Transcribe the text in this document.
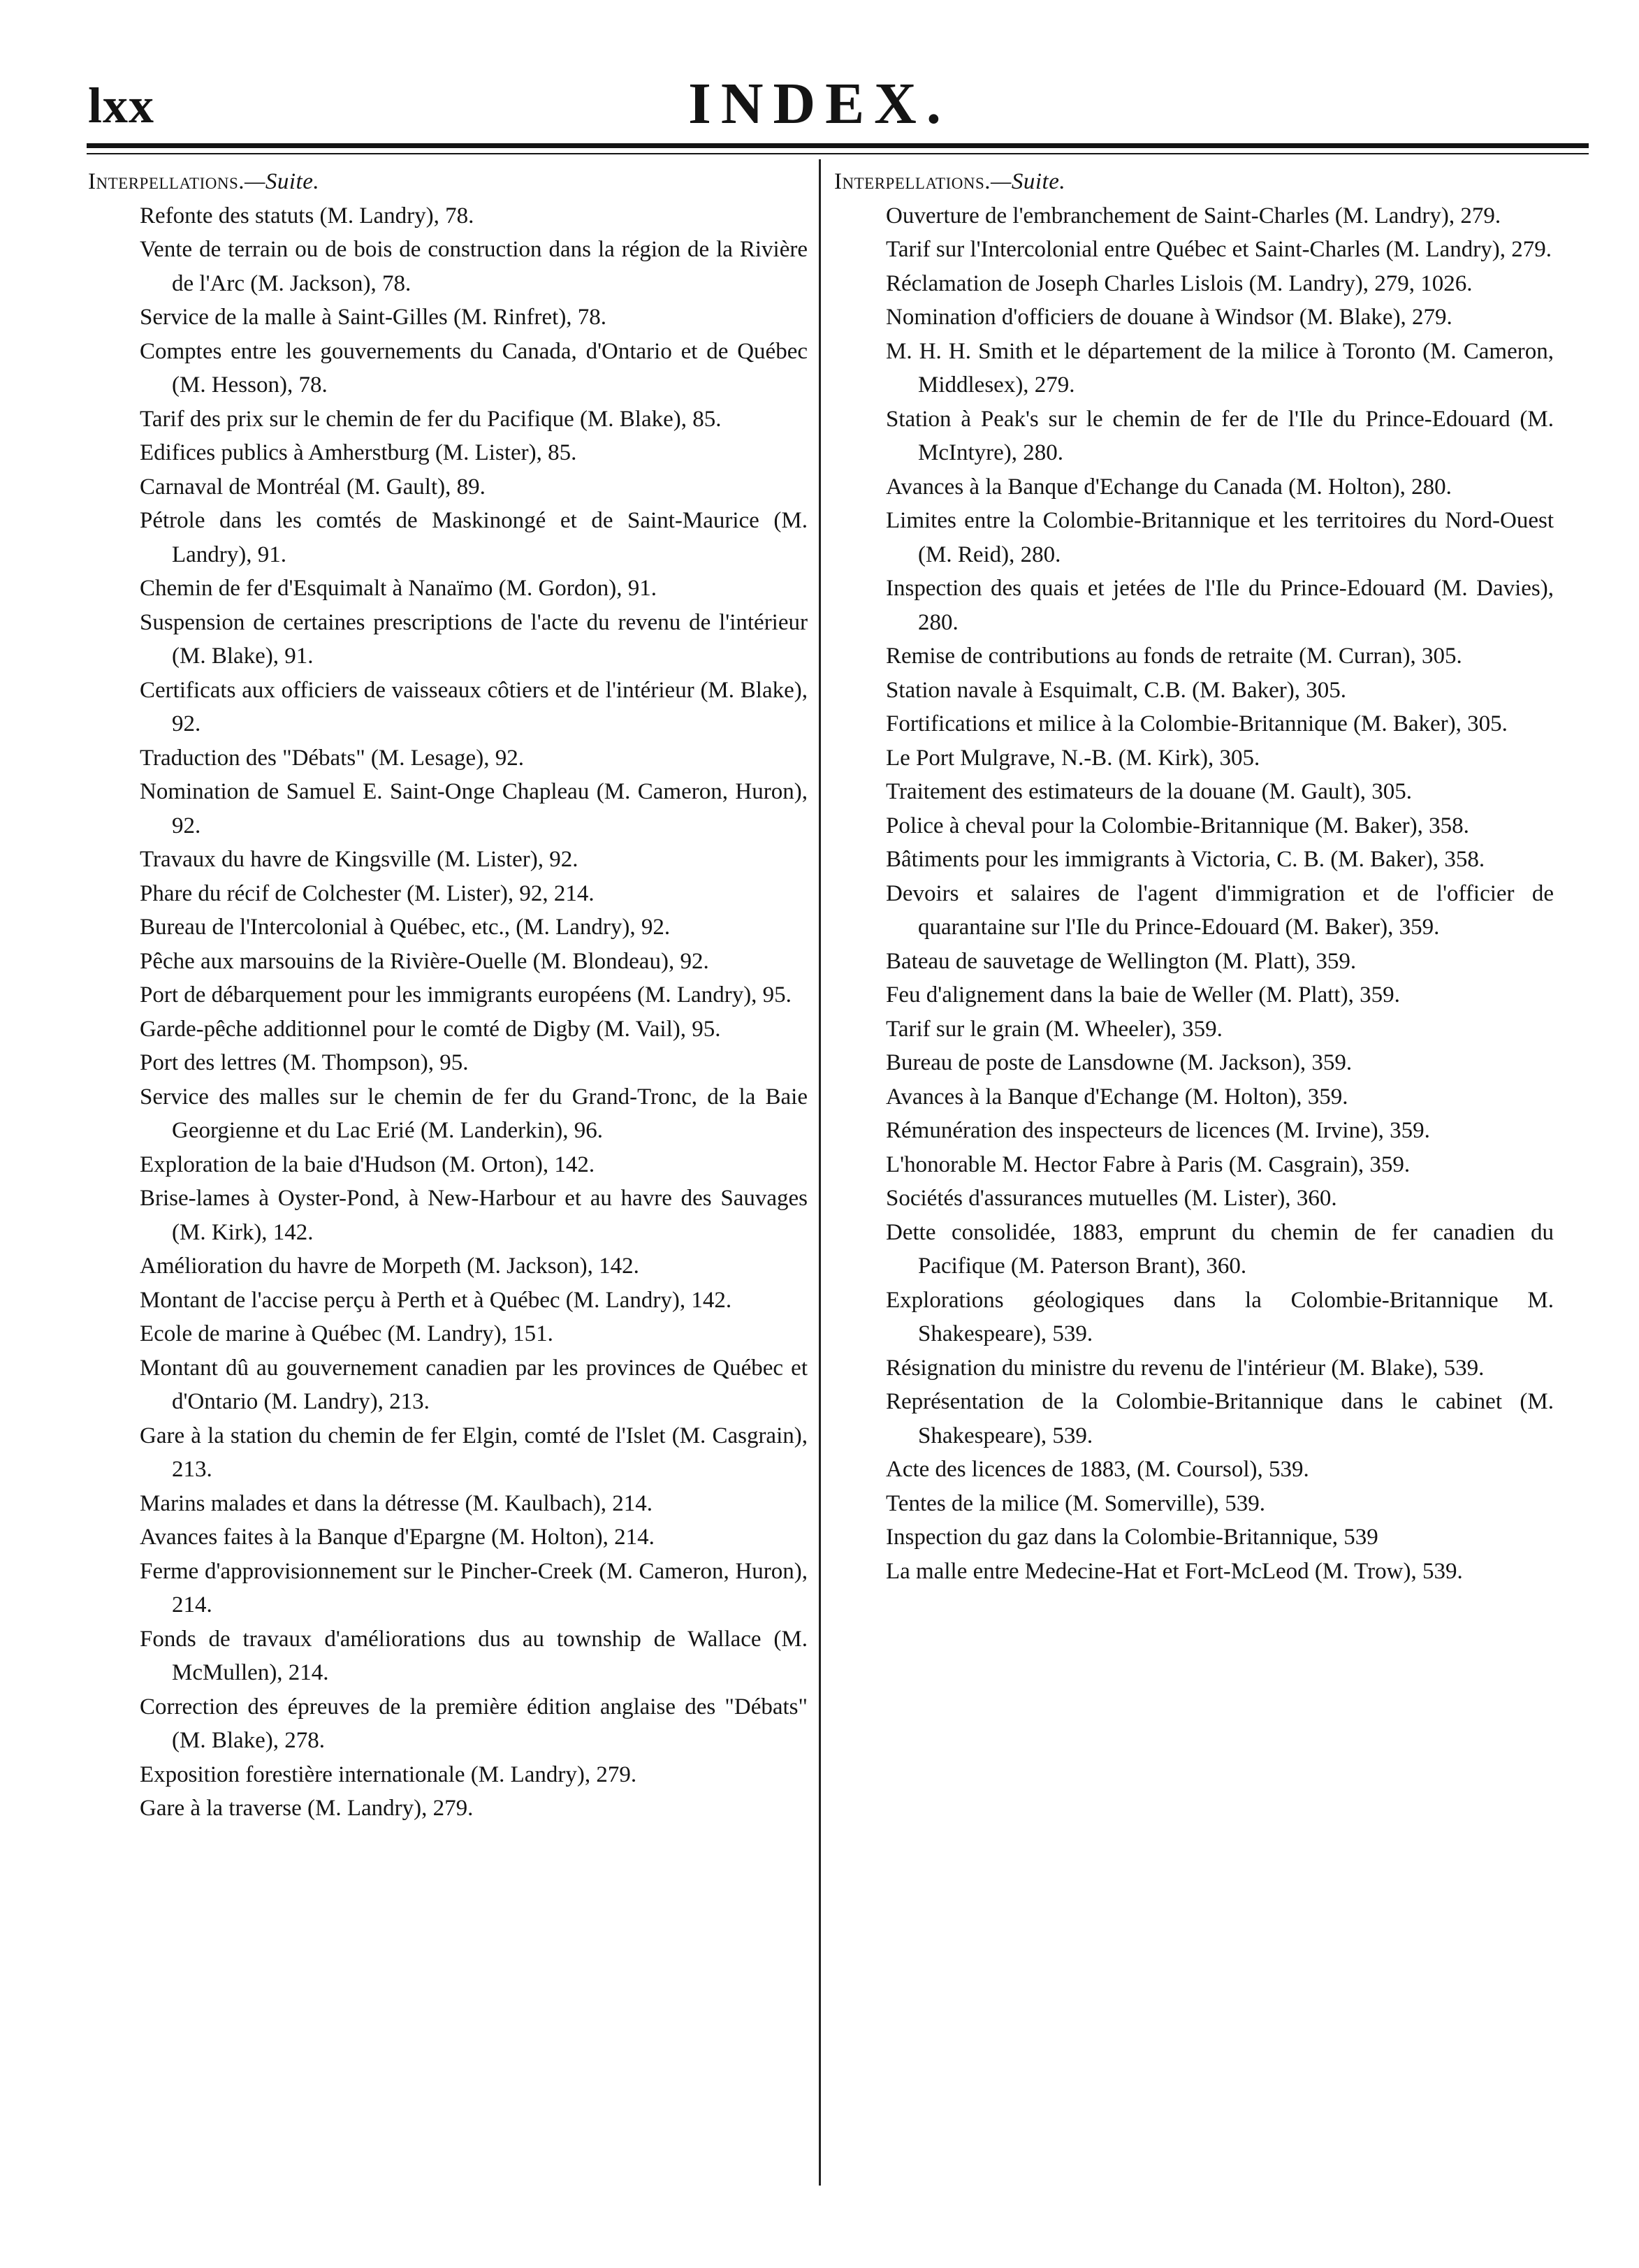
lxx	INDEX.

Interpellations.—Suite.

Refonte des statuts (M. Landry), 78.

Vente de terrain ou de bois de construction dans la région de la Rivière de l'Arc (M. Jackson), 78.

Service de la malle à Saint-Gilles (M. Rinfret), 78.

Comptes entre les gouvernements du Canada, d'Ontario et de Québec (M. Hesson), 78.

Tarif des prix sur le chemin de fer du Pacifique (M. Blake), 85.

Edifices publics à Amherstburg (M. Lister), 85.

Carnaval de Montréal (M. Gault), 89.

Pétrole dans les comtés de Maskinongé et de Saint-Maurice (M. Landry), 91.

Chemin de fer d'Esquimalt à Nanaïmo (M. Gordon), 91.

Suspension de certaines prescriptions de l'acte du revenu de l'intérieur (M. Blake), 91.

Certificats aux officiers de vaisseaux côtiers et de l'intérieur (M. Blake), 92.

Traduction des "Débats" (M. Lesage), 92.

Nomination de Samuel E. Saint-Onge Chapleau (M. Cameron, Huron), 92.

Travaux du havre de Kingsville (M. Lister), 92.

Phare du récif de Colchester (M. Lister), 92, 214.

Bureau de l'Intercolonial à Québec, etc., (M. Landry), 92.

Pêche aux marsouins de la Rivière-Ouelle (M. Blondeau), 92.

Port de débarquement pour les immigrants européens (M. Landry), 95.

Garde-pêche additionnel pour le comté de Digby (M. Vail), 95.

Port des lettres (M. Thompson), 95.

Service des malles sur le chemin de fer du Grand-Tronc, de la Baie Georgienne et du Lac Erié (M. Landerkin), 96.

Exploration de la baie d'Hudson (M. Orton), 142.

Brise-lames à Oyster-Pond, à New-Harbour et au havre des Sauvages (M. Kirk), 142.

Amélioration du havre de Morpeth (M. Jackson), 142.

Montant de l'accise perçu à Perth et à Québec (M. Landry), 142.

Ecole de marine à Québec (M. Landry), 151.

Montant dû au gouvernement canadien par les provinces de Québec et d'Ontario (M. Landry), 213.

Gare à la station du chemin de fer Elgin, comté de l'Islet (M. Casgrain), 213.

Marins malades et dans la détresse (M. Kaulbach), 214.

Avances faites à la Banque d'Epargne (M. Holton), 214.

Ferme d'approvisionnement sur le Pincher-Creek (M. Cameron, Huron), 214.

Fonds de travaux d'améliorations dus au township de Wallace (M. McMullen), 214.

Correction des épreuves de la première édition anglaise des "Débats" (M. Blake), 278.

Exposition forestière internationale (M. Landry), 279.

Gare à la traverse (M. Landry), 279.

Interpellations.—Suite.

Ouverture de l'embranchement de Saint-Charles (M. Landry), 279.

Tarif sur l'Intercolonial entre Québec et Saint-Charles (M. Landry), 279.

Réclamation de Joseph Charles Lislois (M. Landry), 279, 1026.

Nomination d'officiers de douane à Windsor (M. Blake), 279.

M. H. H. Smith et le département de la milice à Toronto (M. Cameron, Middlesex), 279.

Station à Peak's sur le chemin de fer de l'Ile du Prince-Edouard (M. McIntyre), 280.

Avances à la Banque d'Echange du Canada (M. Holton), 280.

Limites entre la Colombie-Britannique et les territoires du Nord-Ouest (M. Reid), 280.

Inspection des quais et jetées de l'Ile du Prince-Edouard (M. Davies), 280.

Remise de contributions au fonds de retraite (M. Curran), 305.

Station navale à Esquimalt, C.B. (M. Baker), 305.

Fortifications et milice à la Colombie-Britannique (M. Baker), 305.

Le Port Mulgrave, N.-B. (M. Kirk), 305.

Traitement des estimateurs de la douane (M. Gault), 305.

Police à cheval pour la Colombie-Britannique (M. Baker), 358.

Bâtiments pour les immigrants à Victoria, C. B. (M. Baker), 358.

Devoirs et salaires de l'agent d'immigration et de l'officier de quarantaine sur l'Ile du Prince-Edouard (M. Baker), 359.

Bateau de sauvetage de Wellington (M. Platt), 359.

Feu d'alignement dans la baie de Weller (M. Platt), 359.

Tarif sur le grain (M. Wheeler), 359.

Bureau de poste de Lansdowne (M. Jackson), 359.

Avances à la Banque d'Echange (M. Holton), 359.

Rémunération des inspecteurs de licences (M. Irvine), 359.

L'honorable M. Hector Fabre à Paris (M. Casgrain), 359.

Sociétés d'assurances mutuelles (M. Lister), 360.

Dette consolidée, 1883, emprunt du chemin de fer canadien du Pacifique (M. Paterson Brant), 360.

Explorations géologiques dans la Colombie-Britannique M. Shakespeare), 539.

Résignation du ministre du revenu de l'intérieur (M. Blake), 539.

Représentation de la Colombie-Britannique dans le cabinet (M. Shakespeare), 539.

Acte des licences de 1883, (M. Coursol), 539.

Tentes de la milice (M. Somerville), 539.

Inspection du gaz dans la Colombie-Britannique, 539

La malle entre Medecine-Hat et Fort-McLeod (M. Trow), 539.
